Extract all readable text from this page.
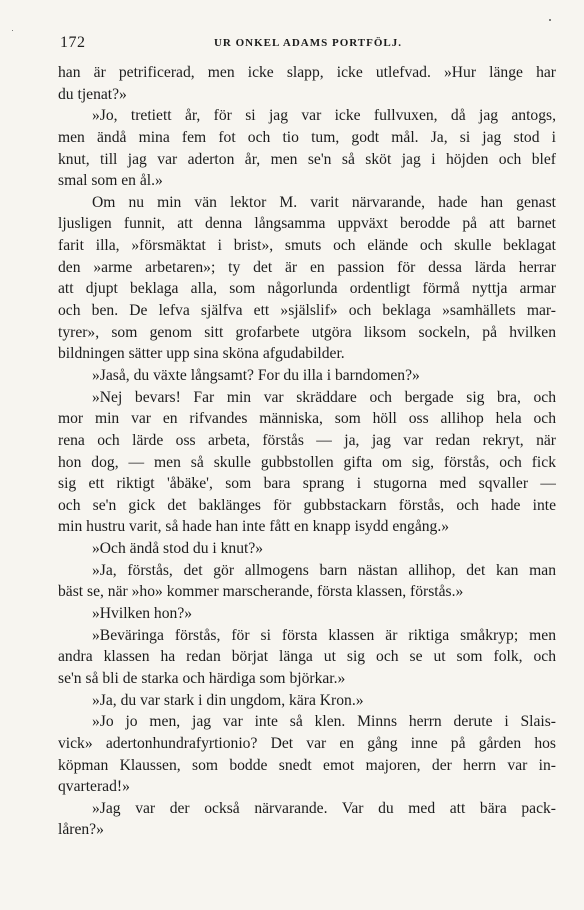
172	UR ONKEL ADAMS PORTFÖLJ.
han är petrificerad, men icke slapp, icke utlefvad. »Hur länge har
du tjenat?»
»Jo, tretiett år, för si jag var icke fullvuxen, då jag antogs,
men ändå mina fem fot och tio tum, godt mål. Ja, si jag stod i
knut, till jag var aderton år, men se'n så sköt jag i höjden och blef
smal som en ål.»
Om nu min vän lektor M. varit närvarande, hade han genast
ljusligen funnit, att denna långsamma uppväxt berodde på att barnet
farit illa, »försmäktat i brist», smuts och elände och skulle beklagat
den »arme arbetaren»; ty det är en passion för dessa lärda herrar
att djupt beklaga alla, som någorlunda ordentligt förmå nyttja armar
och ben. De lefva själfva ett »själslif» och beklaga »samhällets mar-
tyrer», som genom sitt grofarbete utgöra liksom sockeln, på hvilken
bildningen sätter upp sina sköna afgudabilder.
»Jaså, du växte långsamt? For du illa i barndomen?»
»Nej bevars! Far min var skräddare och bergade sig bra, och
mor min var en rifvandes människa, som höll oss allihop hela och
rena och lärde oss arbeta, förstås — ja, jag var redan rekryt, när
hon dog, — men så skulle gubbstollen gifta om sig, förstås, och fick
sig ett riktigt 'åbäke', som bara sprang i stugorna med sqvaller —
och se'n gick det baklänges för gubbstackarn förstås, och hade inte
min hustru varit, så hade han inte fått en knapp isydd engång.»
»Och ändå stod du i knut?»
»Ja, förstås, det gör allmogens barn nästan allihop, det kan man
bäst se, när »ho» kommer marscherande, första klassen, förstås.»
»Hvilken hon?»
»Beväringa förstås, för si första klassen är riktiga småkryp; men
andra klassen ha redan börjat länga ut sig och se ut som folk, och
se'n så bli de starka och härdiga som björkar.»
»Ja, du var stark i din ungdom, kära Kron.»
»Jo jo men, jag var inte så klen. Minns herrn derute i Slais-
vick» adertonhundrafyrtionio? Det var en gång inne på gården hos
köpman Klaussen, som bodde snedt emot majoren, der herrn var in-
qvarterad!»
»Jag var der också närvarande. Var du med att bära pack-
låren?»
